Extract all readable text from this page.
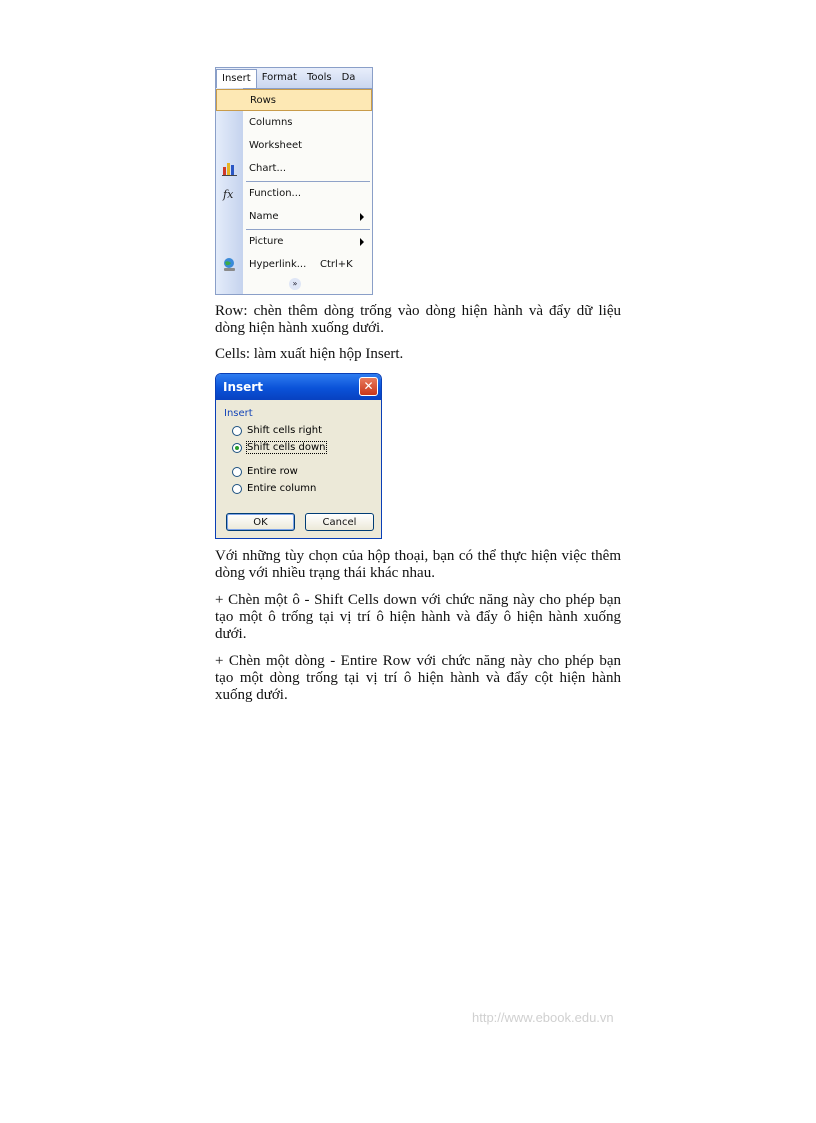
Insert	Format	Tools	Da
Rows
Columns
Worksheet
Chart...
fx Function...
Name
Picture
Hyperlink... Ctrl+K
»

Row: chèn thêm dòng trống vào dòng hiện hành và đẩy dữ liệu dòng hiện hành xuống dưới.

Cells: làm xuất hiện hộp Insert.

Insert	✕
Insert
Shift cells right
Shift cells down
Entire row
Entire column
OK	Cancel

Với những tùy chọn của hộp thoại, bạn có thể thực hiện việc thêm dòng với nhiều trạng thái khác nhau.

+ Chèn một ô - Shift Cells down với chức năng này cho phép bạn tạo một ô trống tại vị trí ô hiện hành và đẩy ô hiện hành xuống dưới.

+ Chèn một dòng - Entire Row với chức năng này cho phép bạn tạo một dòng trống tại vị trí ô hiện hành và đẩy cột hiện hành xuống dưới.

http://www.ebook.edu.vn
